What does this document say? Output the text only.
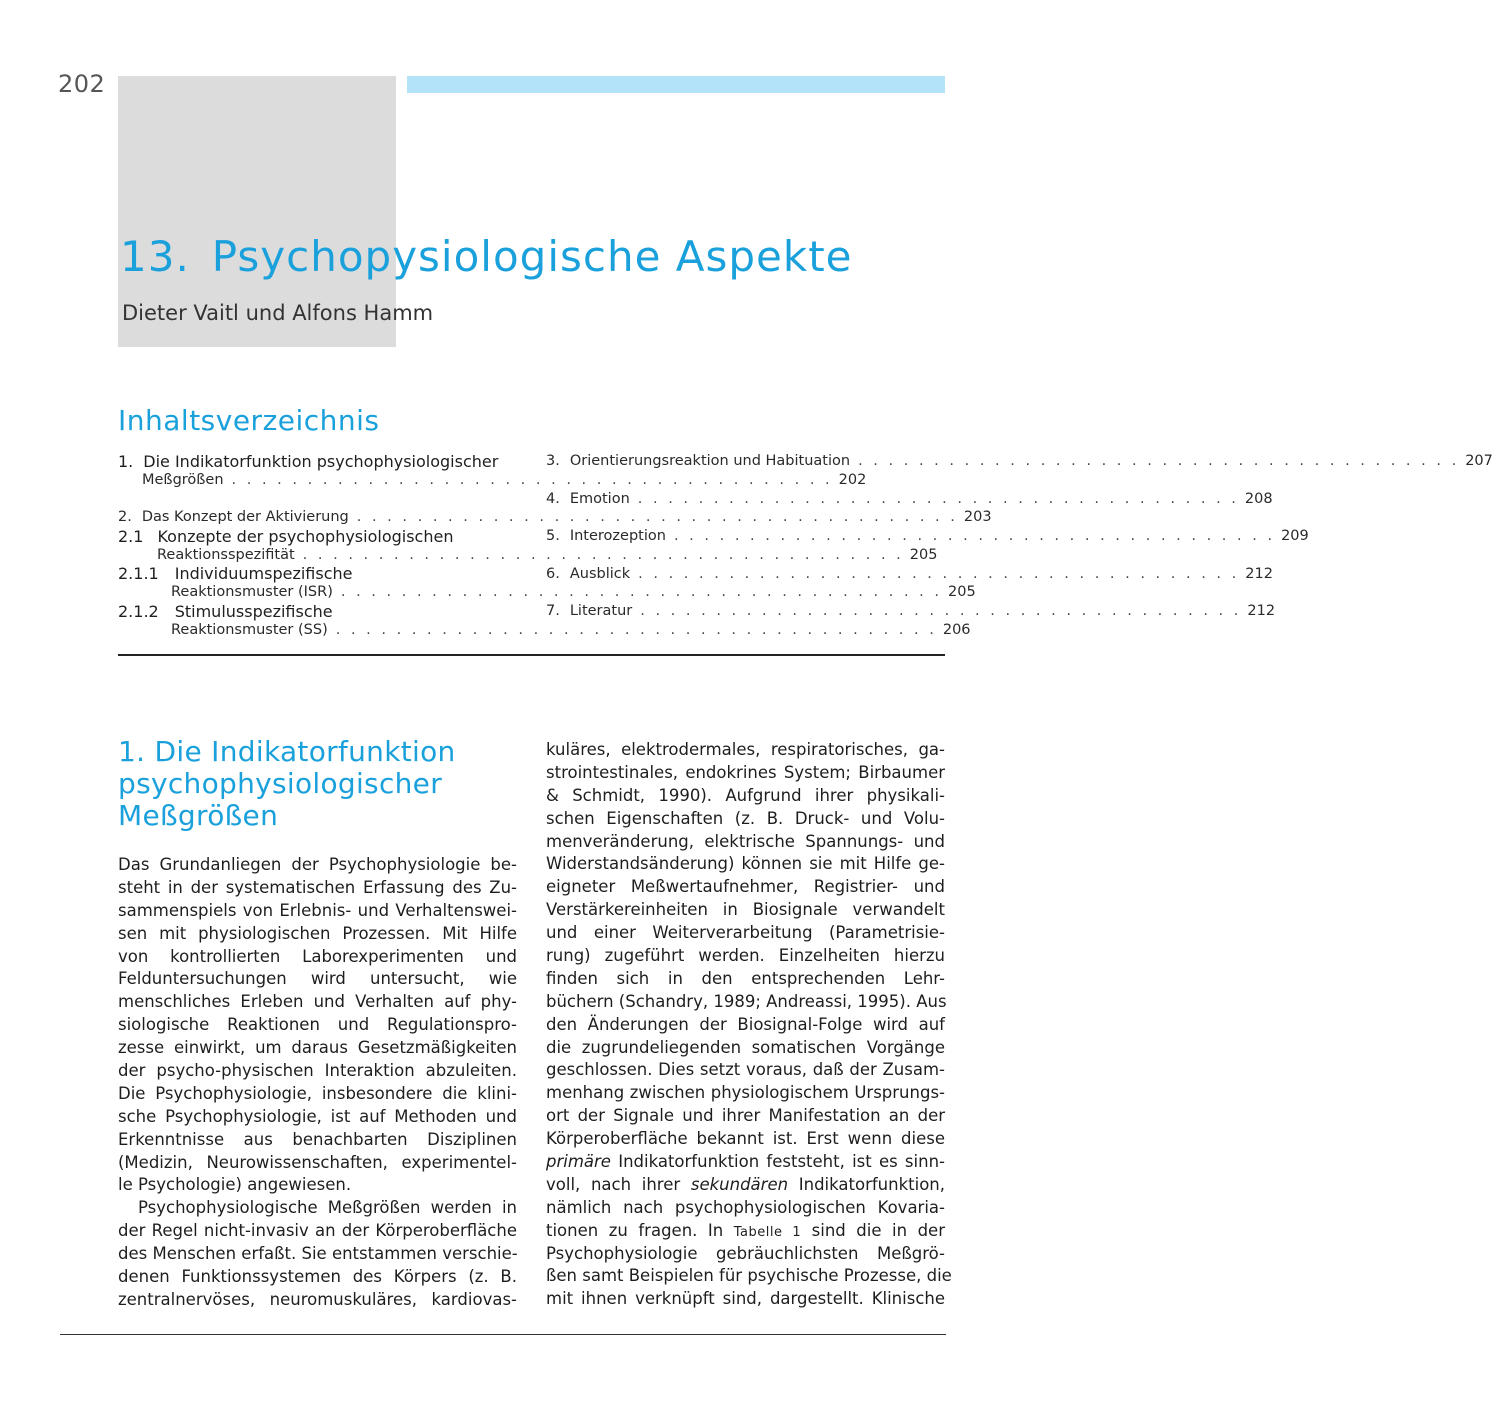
202
13. Psychopysiologische Aspekte
Dieter Vaitl und Alfons Hamm
Inhaltsverzeichnis
1. Die Indikatorfunktion psychophysiologischer
Meßgrößen . . . . . . . . . . . . . . . . . . . . . . . . . . . . . . . . . . . . . . . . 202
2. Das Konzept der Aktivierung . . . . . . . . . . . . . . . . . . . . . . . . . . . . . . . . . . . . . . . . 203
2.1 Konzepte der psychophysiologischen
Reaktionsspezifität . . . . . . . . . . . . . . . . . . . . . . . . . . . . . . . . . . . . . . . . 205
2.1.1 Individuumspezifische
Reaktionsmuster (ISR) . . . . . . . . . . . . . . . . . . . . . . . . . . . . . . . . . . . . . . . . 205
2.1.2 Stimulusspezifische
Reaktionsmuster (SS) . . . . . . . . . . . . . . . . . . . . . . . . . . . . . . . . . . . . . . . . 206
3. Orientierungsreaktion und Habituation . . . . . . . . . . . . . . . . . . . . . . . . . . . . . . . . . . . . . . . . 207
4. Emotion . . . . . . . . . . . . . . . . . . . . . . . . . . . . . . . . . . . . . . . . 208
5. Interozeption . . . . . . . . . . . . . . . . . . . . . . . . . . . . . . . . . . . . . . . . 209
6. Ausblick . . . . . . . . . . . . . . . . . . . . . . . . . . . . . . . . . . . . . . . . 212
7. Literatur . . . . . . . . . . . . . . . . . . . . . . . . . . . . . . . . . . . . . . . . 212
1. Die Indikatorfunktion psychophysiologischer Meßgrößen
Das Grundanliegen der Psychophysiologie be-
steht in der systematischen Erfassung des Zu-
sammenspiels von Erlebnis- und Verhaltenswei-
sen mit physiologischen Prozessen. Mit Hilfe
von kontrollierten Laborexperimenten und
Felduntersuchungen wird untersucht, wie
menschliches Erleben und Verhalten auf phy-
siologische Reaktionen und Regulationspro-
zesse einwirkt, um daraus Gesetzmäßigkeiten
der psycho-physischen Interaktion abzuleiten.
Die Psychophysiologie, insbesondere die klini-
sche Psychophysiologie, ist auf Methoden und
Erkenntnisse aus benachbarten Disziplinen
(Medizin, Neurowissenschaften, experimentel-
le Psychologie) angewiesen.
Psychophysiologische Meßgrößen werden in
der Regel nicht-invasiv an der Körperoberfläche
des Menschen erfaßt. Sie entstammen verschie-
denen Funktionssystemen des Körpers (z. B.
zentralnervöses, neuromuskuläres, kardiovas-
kuläres, elektrodermales, respiratorisches, ga-
strointestinales, endokrines System; Birbaumer
& Schmidt, 1990). Aufgrund ihrer physikali-
schen Eigenschaften (z. B. Druck- und Volu-
menveränderung, elektrische Spannungs- und
Widerstandsänderung) können sie mit Hilfe ge-
eigneter Meßwertaufnehmer, Registrier- und
Verstärkereinheiten in Biosignale verwandelt
und einer Weiterverarbeitung (Parametrisie-
rung) zugeführt werden. Einzelheiten hierzu
finden sich in den entsprechenden Lehr-
büchern (Schandry, 1989; Andreassi, 1995). Aus
den Änderungen der Biosignal-Folge wird auf
die zugrundeliegenden somatischen Vorgänge
geschlossen. Dies setzt voraus, daß der Zusam-
menhang zwischen physiologischem Ursprungs-
ort der Signale und ihrer Manifestation an der
Körperoberfläche bekannt ist. Erst wenn diese
primäre Indikatorfunktion feststeht, ist es sinn-
voll, nach ihrer sekundären Indikatorfunktion,
nämlich nach psychophysiologischen Kovaria-
tionen zu fragen. In Tabelle 1 sind die in der
Psychophysiologie gebräuchlichsten Meßgrö-
ßen samt Beispielen für psychische Prozesse, die
mit ihnen verknüpft sind, dargestellt. Klinische
